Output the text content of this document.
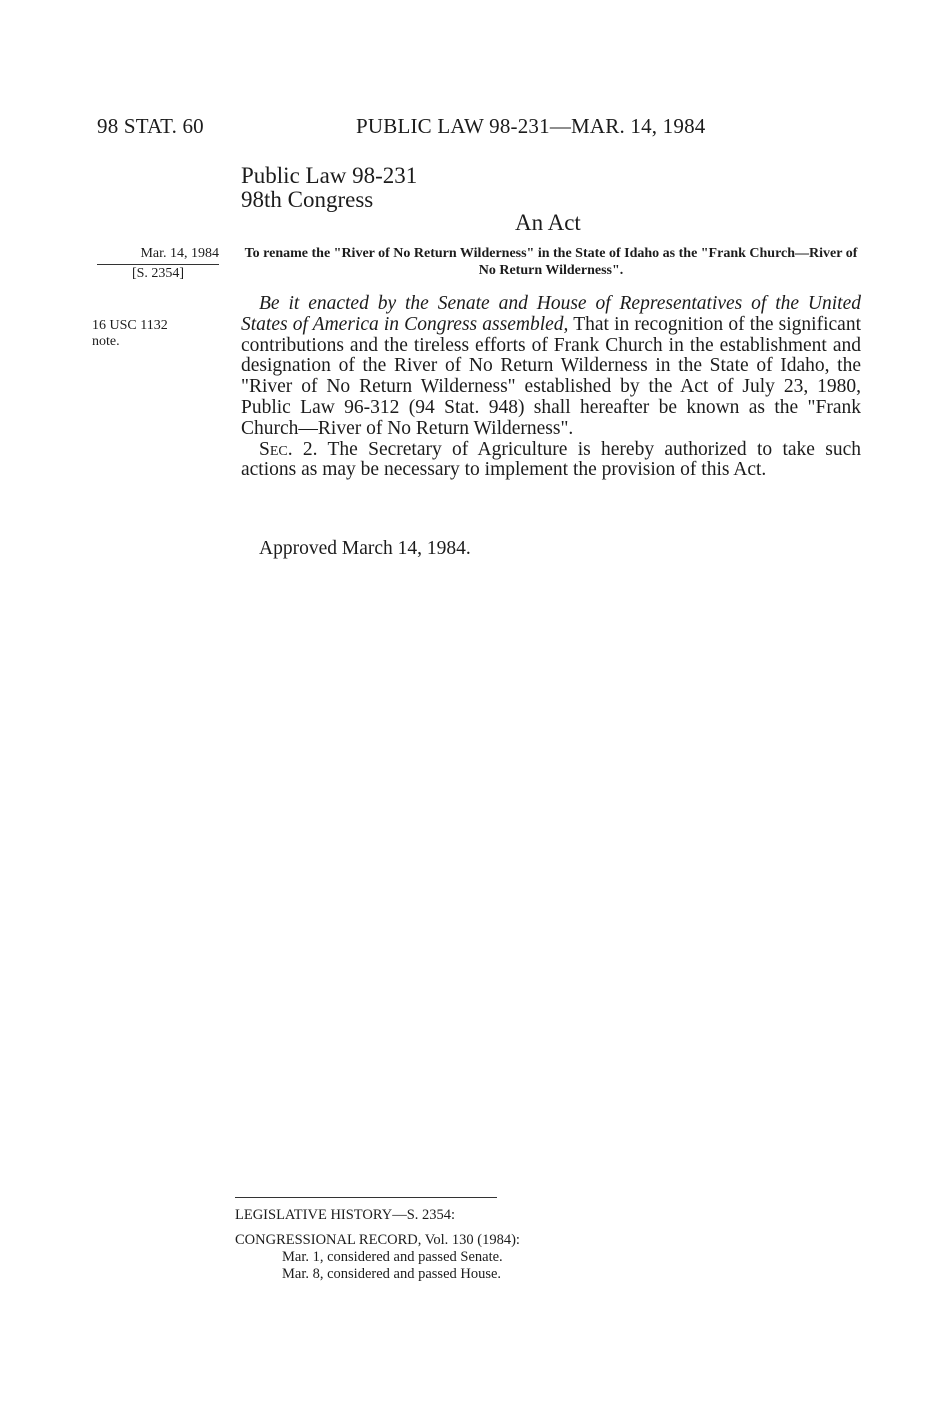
98 STAT. 60	PUBLIC LAW 98-231—MAR. 14, 1984
Public Law 98-231
98th Congress
An Act
Mar. 14, 1984
[S. 2354]
16 USC 1132
note.
To rename the "River of No Return Wilderness" in the State of Idaho as the "Frank Church—River of No Return Wilderness".

Be it enacted by the Senate and House of Representatives of the United States of America in Congress assembled, That in recognition of the significant contributions and the tireless efforts of Frank Church in the establishment and designation of the River of No Return Wilderness in the State of Idaho, the "River of No Return Wilderness" established by the Act of July 23, 1980, Public Law 96-312 (94 Stat. 948) shall hereafter be known as the "Frank Church—River of No Return Wilderness".

Sec. 2. The Secretary of Agriculture is hereby authorized to take such actions as may be necessary to implement the provision of this Act.

Approved March 14, 1984.
LEGISLATIVE HISTORY—S. 2354:
CONGRESSIONAL RECORD, Vol. 130 (1984):
Mar. 1, considered and passed Senate.
Mar. 8, considered and passed House.
